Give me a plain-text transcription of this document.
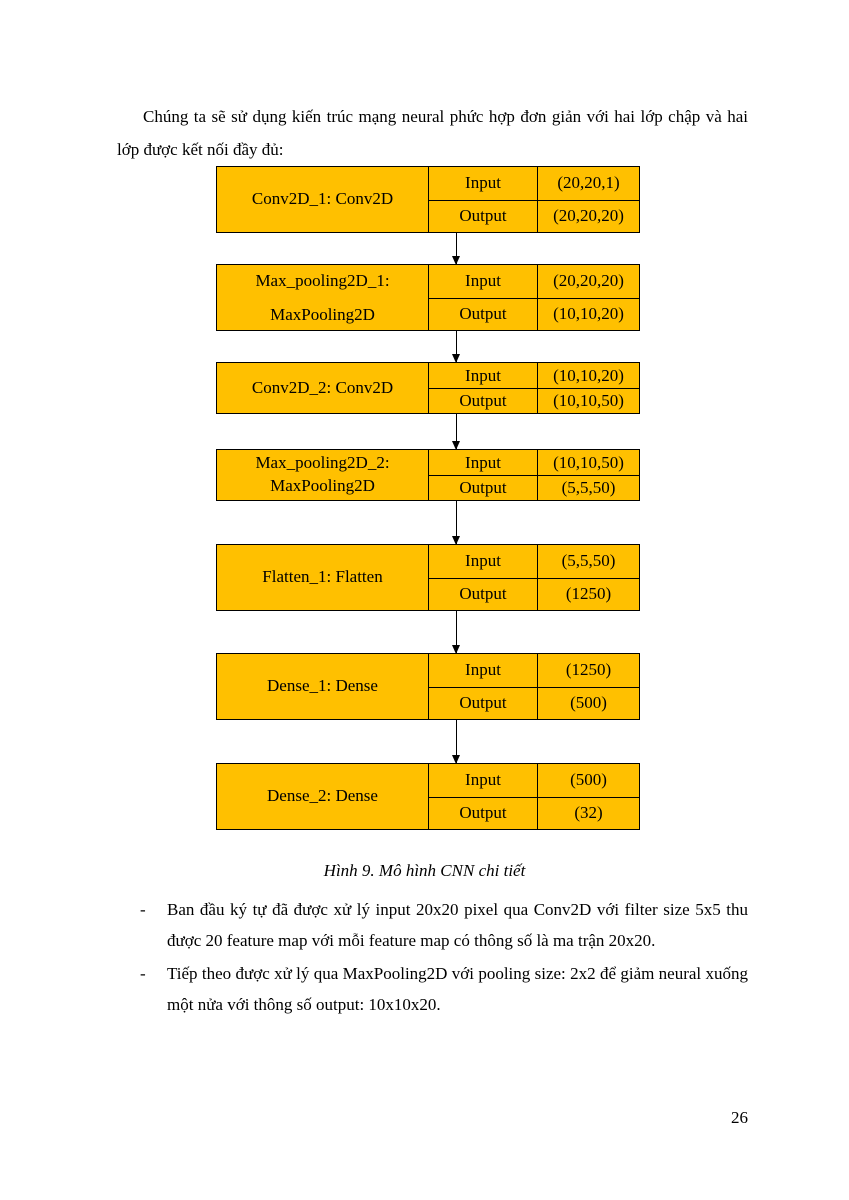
Chúng ta sẽ sử dụng kiến trúc mạng neural phức hợp đơn giản với hai lớp chập và hai lớp được kết nối đầy đủ:

Conv2D_1: Conv2D
Input	(20,20,1)
Output	(20,20,20)
Max_pooling2D_1:
MaxPooling2D
Input	(20,20,20)
Output	(10,10,20)
Conv2D_2: Conv2D
Input	(10,10,20)
Output	(10,10,50)
Max_pooling2D_2:
MaxPooling2D
Input	(10,10,50)
Output	(5,5,50)
Flatten_1: Flatten
Input	(5,5,50)
Output	(1250)
Dense_1: Dense
Input	(1250)
Output	(500)
Dense_2: Dense
Input	(500)
Output	(32)
Hình 9. Mô hình CNN chi tiết
- Ban đầu ký tự đã được xử lý input 20x20 pixel qua Conv2D với filter size 5x5 thu được 20 feature map với mỗi feature map có thông số là ma trận 20x20.
- Tiếp theo được xử lý qua MaxPooling2D với pooling size: 2x2 để giảm neural xuống một nửa với thông số output: 10x10x20.
26
